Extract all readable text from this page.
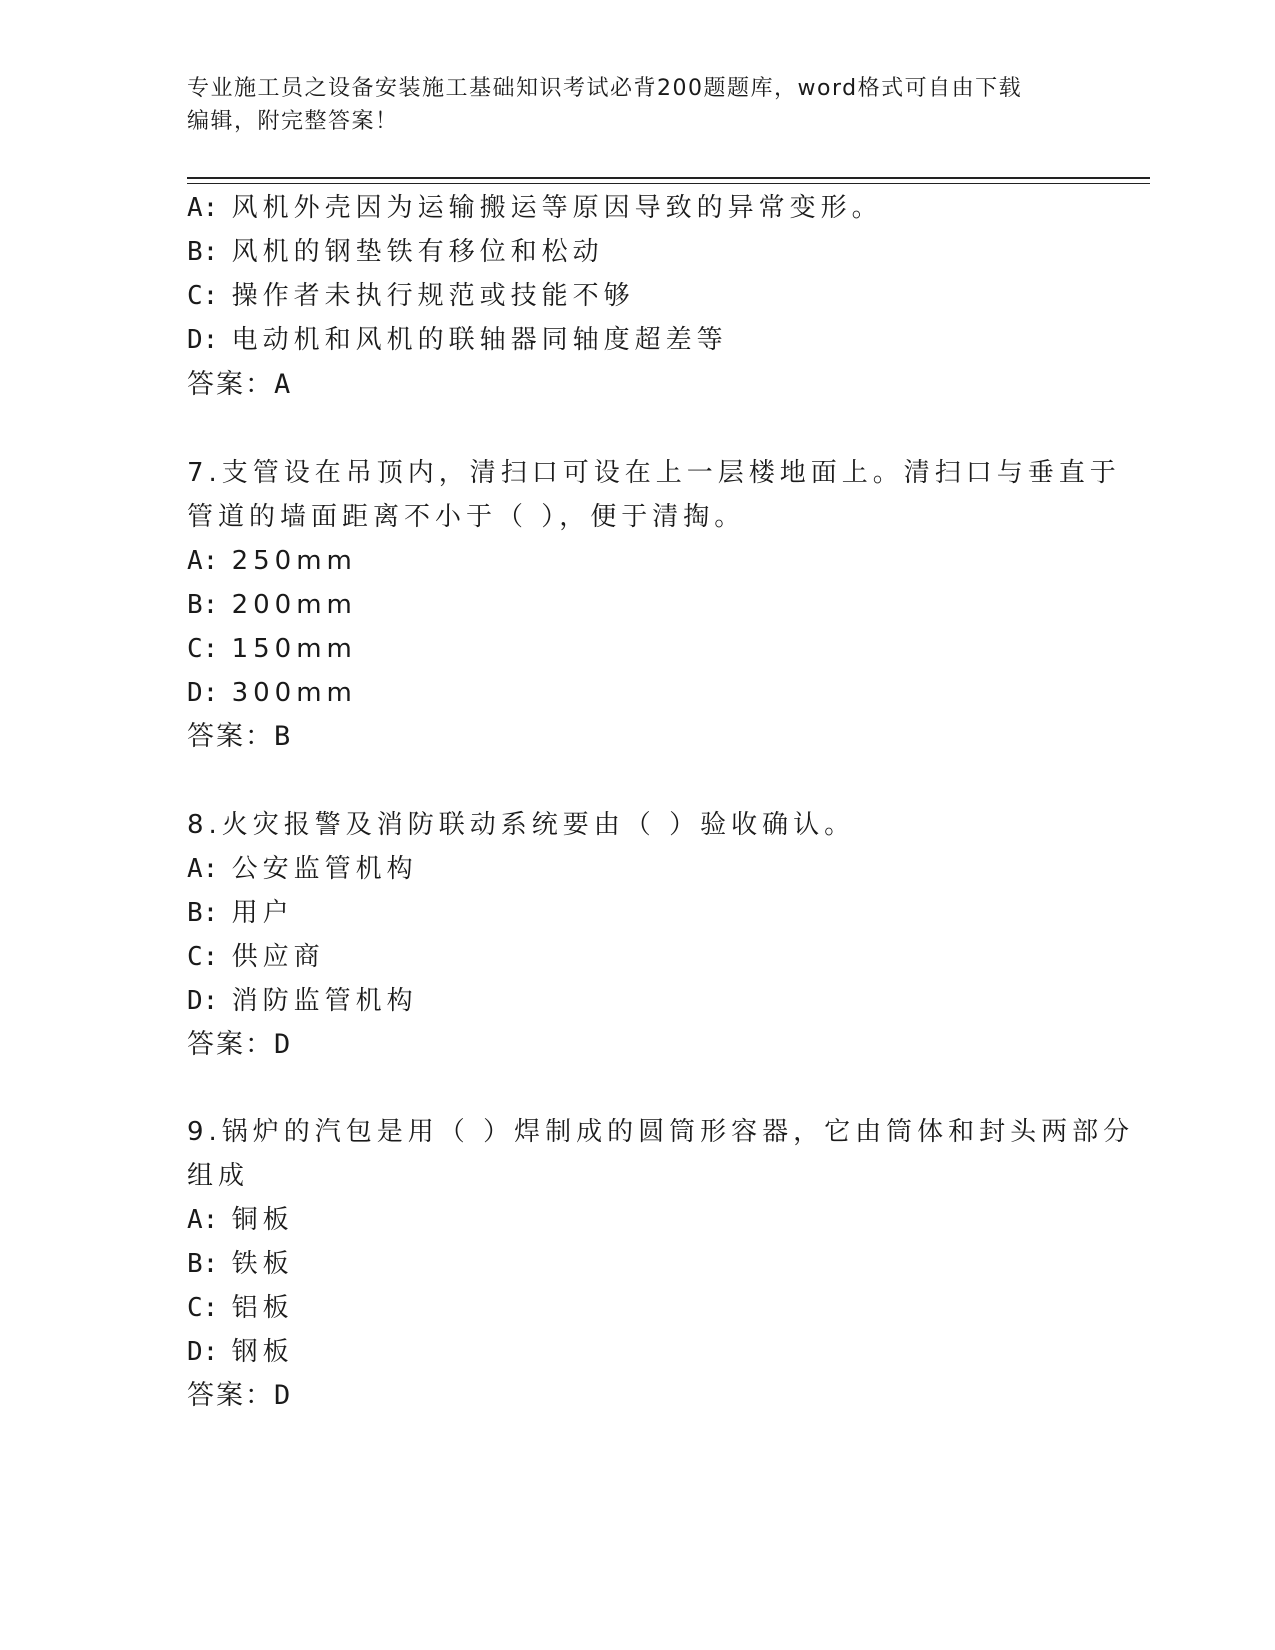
专业施工员之设备安装施工基础知识考试必背200题题库，word格式可自由下载
编辑，附完整答案！
A: 风机外壳因为运输搬运等原因导致的异常变形。
B: 风机的钢垫铁有移位和松动
C: 操作者未执行规范或技能不够
D: 电动机和风机的联轴器同轴度超差等
答案：A
7.支管设在吊顶内，清扫口可设在上一层楼地面上。清扫口与垂直于
管道的墙面距离不小于（ ），便于清掏。
A: 250mm
B: 200mm
C: 150mm
D: 300mm
答案：B
8.火灾报警及消防联动系统要由（ ）验收确认。
A: 公安监管机构
B: 用户
C: 供应商
D: 消防监管机构
答案：D
9.锅炉的汽包是用（ ）焊制成的圆筒形容器，它由筒体和封头两部分
组成
A: 铜板
B: 铁板
C: 铝板
D: 钢板
答案：D
